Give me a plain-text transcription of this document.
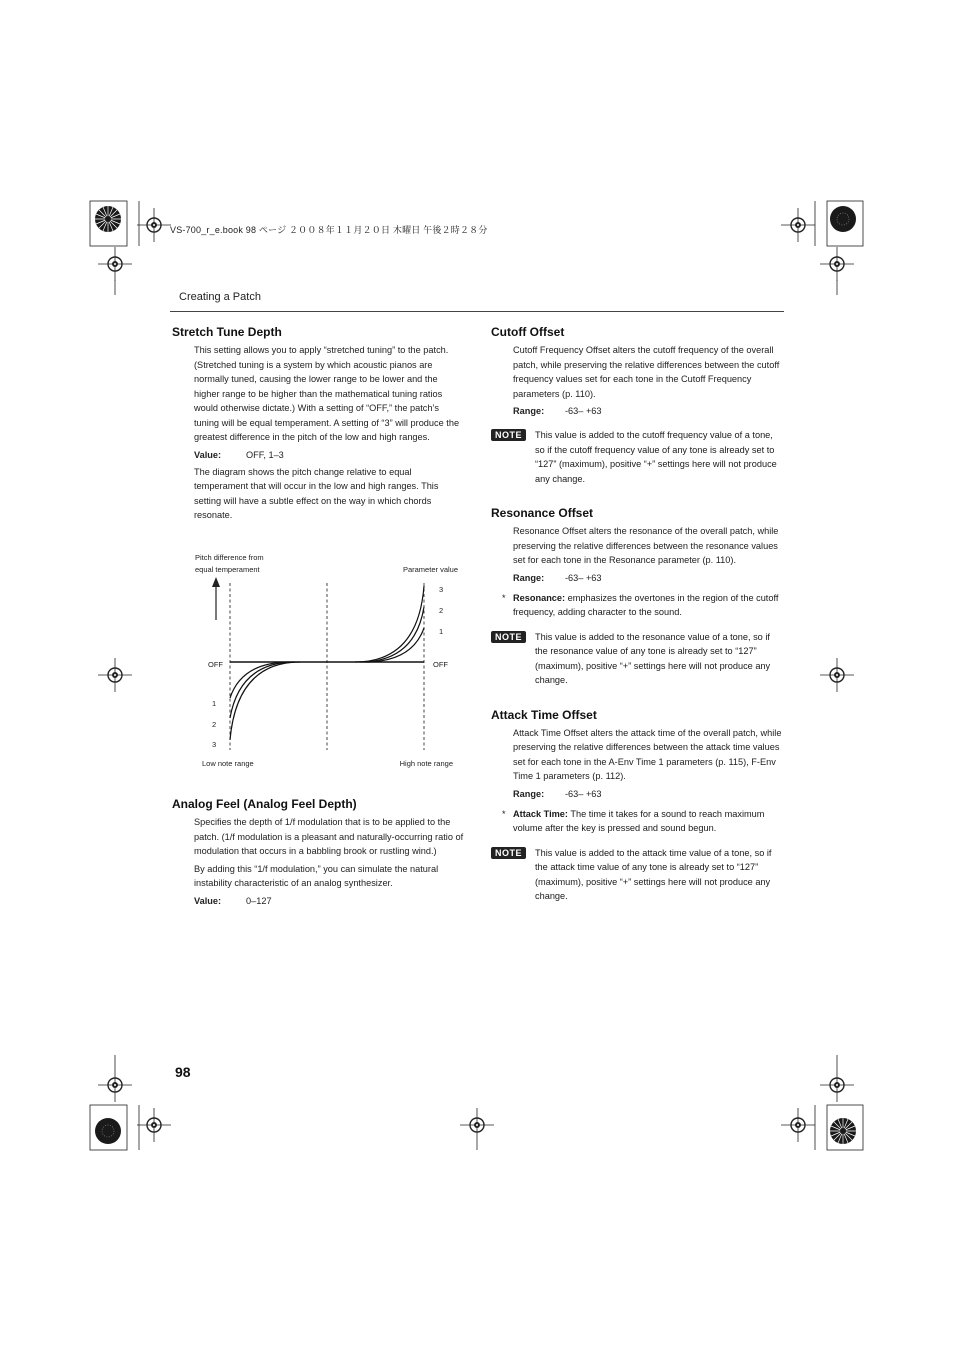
VS-700_r_e.book 98 ページ ２００８年１１月２０日 木曜日 午後２時２８分
Creating a Patch
Stretch Tune Depth

This setting allows you to apply “stretched tuning” to the patch. (Stretched tuning is a system by which acoustic pianos are normally tuned, causing the lower range to be lower and the higher range to be higher than the mathematical tuning ratios would otherwise dictate.) With a setting of “OFF,” the patch’s tuning will be equal temperament. A setting of “3” will produce the greatest difference in the pitch of the low and high ranges.

Value:	OFF, 1–3

The diagram shows the pitch change relative to equal temperament that will occur in the low and high ranges. This setting will have a subtle effect on the way in which chords resonate.

Pitch difference from
equal temperament	Parameter value
3
2
1
OFF
OFF
1
2
3
Low note range	High note range
Analog Feel (Analog Feel Depth)

Specifies the depth of 1/f modulation that is to be applied to the patch. (1/f modulation is a pleasant and naturally-occurring ratio of modulation that occurs in a babbling brook or rustling wind.)

By adding this “1/f modulation,” you can simulate the natural instability characteristic of an analog synthesizer.

Value:	0–127
Cutoff Offset

Cutoff Frequency Offset alters the cutoff frequency of the overall patch, while preserving the relative differences between the cutoff frequency values set for each tone in the Cutoff Frequency parameters (p. 110).

Range: -63– +63
NOTE	This value is added to the cutoff frequency value of a tone, so if the cutoff frequency value of any tone is already set to “127” (maximum), positive “+” settings here will not produce any change.
Resonance Offset

Resonance Offset alters the resonance of the overall patch, while preserving the relative differences between the resonance values set for each tone in the Resonance parameter (p. 110).

Range: -63– +63
* Resonance: emphasizes the overtones in the region of the cutoff frequency, adding character to the sound.
NOTE	This value is added to the resonance value of a tone, so if the resonance value of any tone is already set to “127” (maximum), positive “+” settings here will not produce any change.
Attack Time Offset

Attack Time Offset alters the attack time of the overall patch, while preserving the relative differences between the attack time values set for each tone in the A-Env Time 1 parameters (p. 115), F-Env Time 1 parameters (p. 112).

Range: -63– +63
* Attack Time: The time it takes for a sound to reach maximum volume after the key is pressed and sound begun.
NOTE	This value is added to the attack time value of a tone, so if the attack time value of any tone is already set to “127” (maximum), positive “+” settings here will not produce any change.
98
